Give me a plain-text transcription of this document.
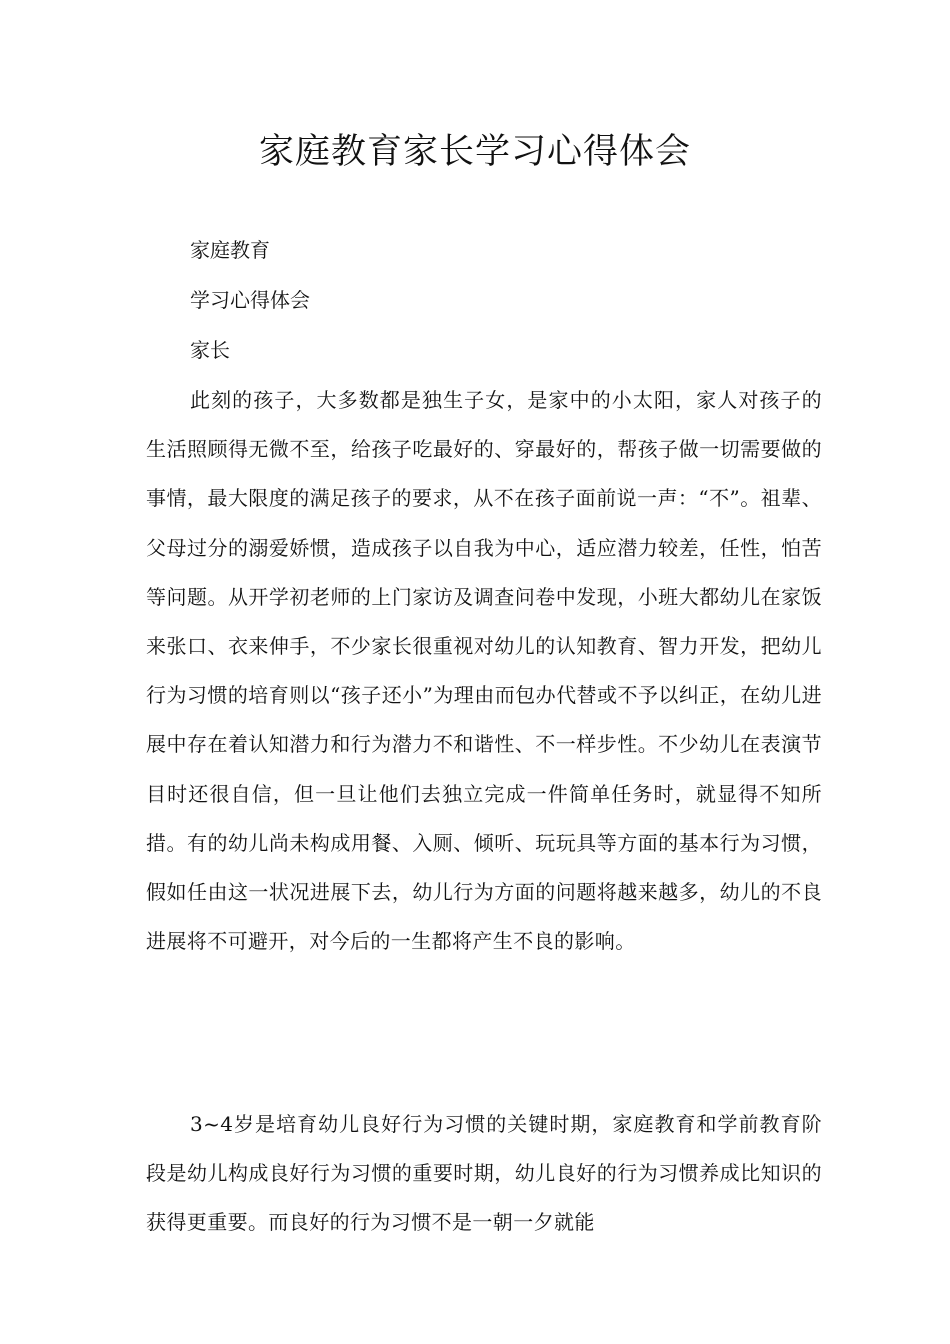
家庭教育家长学习心得体会

家庭教育

学习心得体会

家长

此刻的孩子，大多数都是独生子女，是家中的小太阳，家人对孩子的生活照顾得无微不至，给孩子吃最好的、穿最好的，帮孩子做一切需要做的事情，最大限度的满足孩子的要求，从不在孩子面前说一声：“不”。祖辈、父母过分的溺爱娇惯，造成孩子以自我为中心，适应潜力较差，任性，怕苦等问题。从开学初老师的上门家访及调查问卷中发现，小班大都幼儿在家饭来张口、衣来伸手，不少家长很重视对幼儿的认知教育、智力开发，把幼儿行为习惯的培育则以“孩子还小”为理由而包办代替或不予以纠正，在幼儿进展中存在着认知潜力和行为潜力不和谐性、不一样步性。不少幼儿在表演节目时还很自信，但一旦让他们去独立完成一件简单任务时，就显得不知所措。有的幼儿尚未构成用餐、入厕、倾听、玩玩具等方面的基本行为习惯，假如任由这一状况进展下去，幼儿行为方面的问题将越来越多，幼儿的不良进展将不可避开，对今后的一生都将产生不良的影响。

3~4岁是培育幼儿良好行为习惯的关键时期，家庭教育和学前教育阶段是幼儿构成良好行为习惯的重要时期，幼儿良好的行为习惯养成比知识的获得更重要。而良好的行为习惯不是一朝一夕就能
